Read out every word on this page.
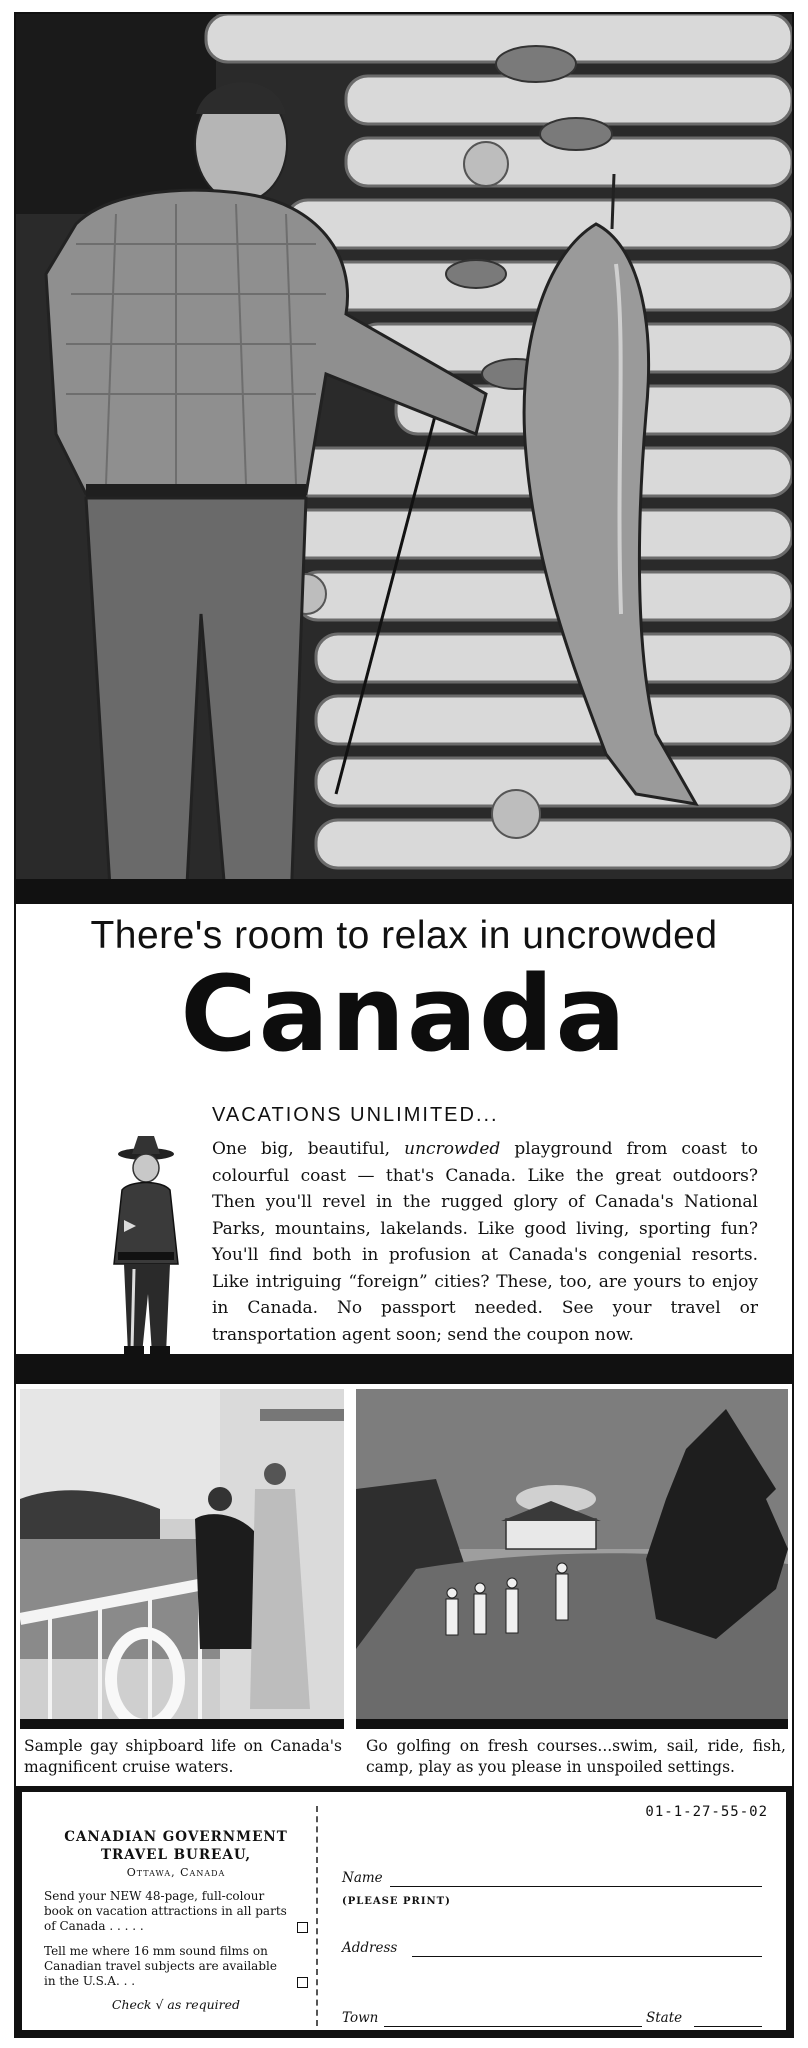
There's room to relax in uncrowded
Canada
VACATIONS UNLIMITED...
One big, beautiful, uncrowded playground from coast to colourful coast — that's Canada. Like the great outdoors? Then you'll revel in the rugged glory of Canada's National Parks, mountains, lakelands. Like good living, sporting fun? You'll find both in profusion at Canada's congenial resorts. Like intriguing “foreign” cities? These, too, are yours to enjoy in Canada. No passport needed. See your travel or transportation agent soon; send the coupon now.
Sample gay shipboard life on Canada's magnificent cruise waters.
Go golfing on fresh courses...swim, sail, ride, fish, camp, play as you please in unspoiled settings.
01-1-27-55-02
CANADIAN GOVERNMENT
TRAVEL BUREAU,
Ottawa, Canada
Send your NEW 48-page, full-colour book on vacation attractions in all parts of Canada . . . . .
Tell me where 16 mm sound films on Canadian travel subjects are available in the U.S.A. . .
Check √ as required
Name
(PLEASE PRINT)
Address
Town	State
